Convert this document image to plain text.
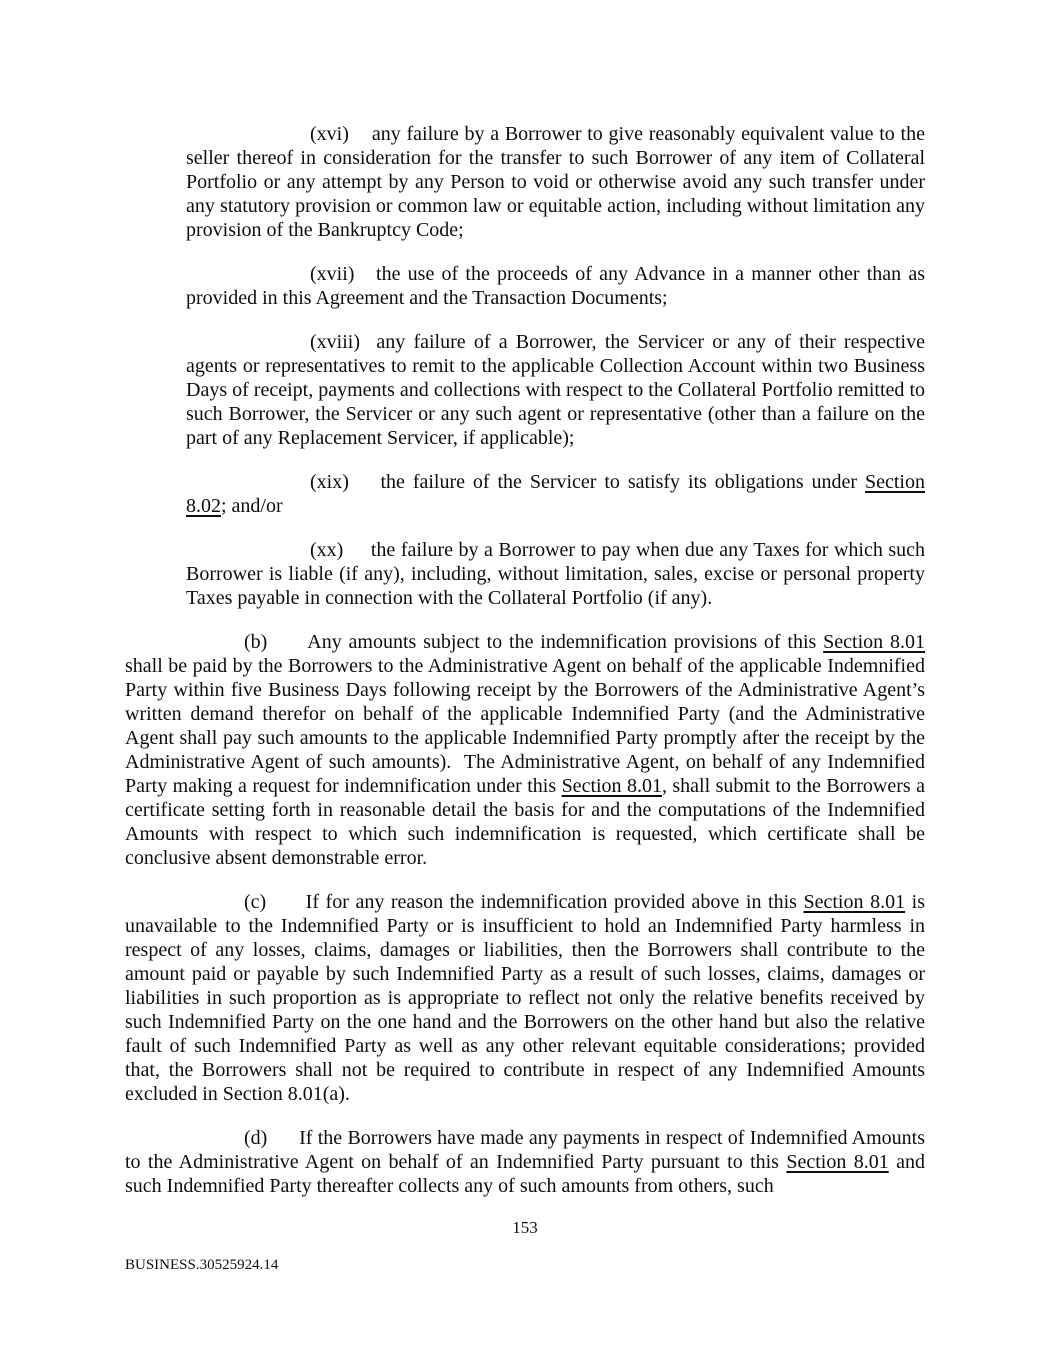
(xvi)    any failure by a Borrower to give reasonably equivalent value to the seller thereof in consideration for the transfer to such Borrower of any item of Collateral Portfolio or any attempt by any Person to void or otherwise avoid any such transfer under any statutory provision or common law or equitable action, including without limitation any provision of the Bankruptcy Code;

(xvii)   the use of the proceeds of any Advance in a manner other than as provided in this Agreement and the Transaction Documents;

(xviii)  any failure of a Borrower, the Servicer or any of their respective agents or representatives to remit to the applicable Collection Account within two Business Days of receipt, payments and collections with respect to the Collateral Portfolio remitted to such Borrower, the Servicer or any such agent or representative (other than a failure on the part of any Replacement Servicer, if applicable);

(xix)    the failure of the Servicer to satisfy its obligations under Section 8.02; and/or

(xx)     the failure by a Borrower to pay when due any Taxes for which such Borrower is liable (if any), including, without limitation, sales, excise or personal property Taxes payable in connection with the Collateral Portfolio (if any).

(b)      Any amounts subject to the indemnification provisions of this Section 8.01 shall be paid by the Borrowers to the Administrative Agent on behalf of the applicable Indemnified Party within five Business Days following receipt by the Borrowers of the Administrative Agent’s written demand therefor on behalf of the applicable Indemnified Party (and the Administrative Agent shall pay such amounts to the applicable Indemnified Party promptly after the receipt by the Administrative Agent of such amounts).  The Administrative Agent, on behalf of any Indemnified Party making a request for indemnification under this Section 8.01, shall submit to the Borrowers a certificate setting forth in reasonable detail the basis for and the computations of the Indemnified Amounts with respect to which such indemnification is requested, which certificate shall be conclusive absent demonstrable error.

(c)      If for any reason the indemnification provided above in this Section 8.01 is unavailable to the Indemnified Party or is insufficient to hold an Indemnified Party harmless in respect of any losses, claims, damages or liabilities, then the Borrowers shall contribute to the amount paid or payable by such Indemnified Party as a result of such losses, claims, damages or liabilities in such proportion as is appropriate to reflect not only the relative benefits received by such Indemnified Party on the one hand and the Borrowers on the other hand but also the relative fault of such Indemnified Party as well as any other relevant equitable considerations; provided that, the Borrowers shall not be required to contribute in respect of any Indemnified Amounts excluded in Section 8.01(a).

(d)      If the Borrowers have made any payments in respect of Indemnified Amounts to the Administrative Agent on behalf of an Indemnified Party pursuant to this Section 8.01 and such Indemnified Party thereafter collects any of such amounts from others, such

153
BUSINESS.30525924.14
